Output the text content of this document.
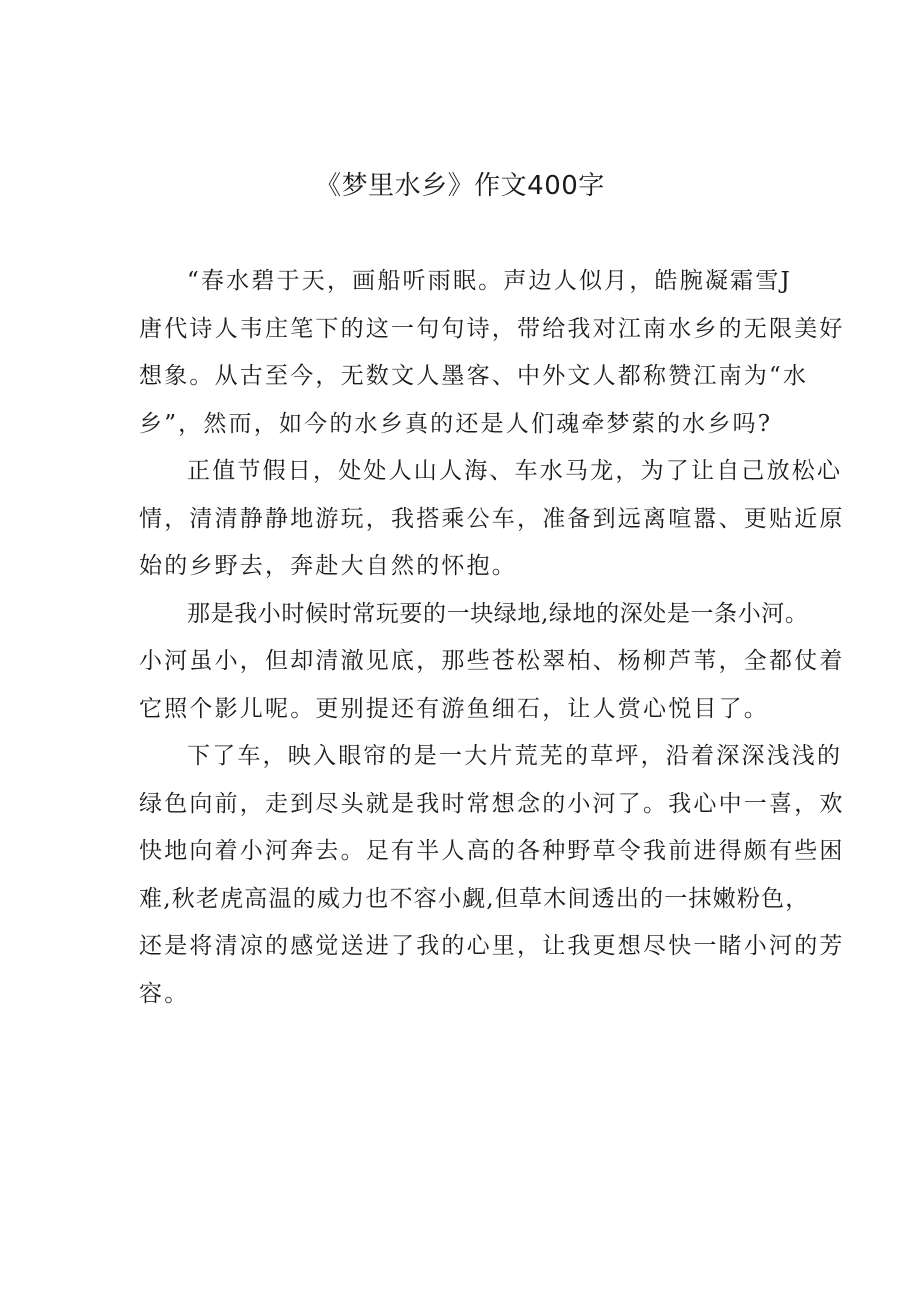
《梦里水乡》作文400字
“春水碧于天，画船听雨眠。声边人似月，皓腕凝霜雪J
唐代诗人韦庄笔下的这一句句诗，带给我对江南水乡的无限美好
想象。从古至今，无数文人墨客、中外文人都称赞江南为“水
乡”，然而，如今的水乡真的还是人们魂牵梦萦的水乡吗?
正值节假日，处处人山人海、车水马龙，为了让自己放松心
情，清清静静地游玩，我搭乘公车，准备到远离喧嚣、更贴近原
始的乡野去，奔赴大自然的怀抱。
那是我小时候时常玩要的一块绿地,绿地的深处是一条小河。
小河虽小，但却清澈见底，那些苍松翠柏、杨柳芦苇，全都仗着
它照个影儿呢。更别提还有游鱼细石，让人赏心悦目了。
下了车，映入眼帘的是一大片荒芜的草坪，沿着深深浅浅的
绿色向前，走到尽头就是我时常想念的小河了。我心中一喜，欢
快地向着小河奔去。足有半人高的各种野草令我前进得颇有些困
难,秋老虎高温的威力也不容小觑,但草木间透出的一抹嫩粉色，
还是将清凉的感觉送进了我的心里，让我更想尽快一睹小河的芳
容。
